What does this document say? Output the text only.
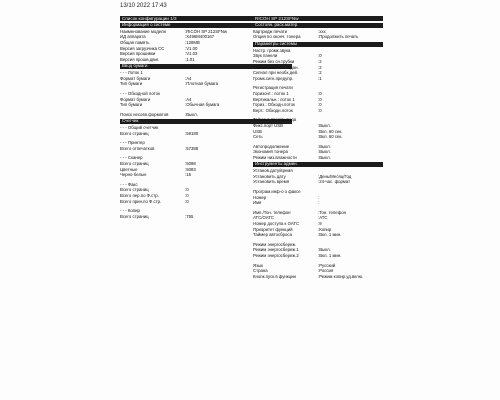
13/10 2022 17:43
Список конфигурации 1/3
Информация о системе
Наименование модели	:RICOH SP 212SFNw
ИД аппарата	:X496M400167
Общая память	:128MB
Версия загрузчика СС	:V1.00
Версия прошивки	:V1.03
Версия прошв.двиг.	:1.01
Ввод бумаги
- - - Лоток 1
Формат бумаги	:A4
Тип бумаги	:Плотная бумага
- - - Обходной лоток
Формат бумаги	:A4
Тип бумаги	:Обычная бумага
Поиск несовп.форматов	:Выкл.
Счетчик
- - - Общий счетчик
Всего страниц	:59180
- - - Принтер
Всего отпечатков	:57388
- - - Сканер
Всего страниц	:5098
Цветные	:5083
Черно-белые	:15
- - - Факс
Всего страниц	:0
Всего пер.по Ф.стр.	:0
Всего прин.по Ф.стр.	:0
- - - Копир
Всего страниц	:755
RICOH SP 212SFNw
Состоян. расх.матер.
Картридж печати	:xxx
Опция по оконч. тонера	:Продолжить печать
Параметры системы
Настр. громк.звука
Звук панели	:0
Режим без сн.трубки	:2
Сигнал окончан.задан.	:2
Сигнал при необх.дей.	:2
Громк.сигн.предупр.	:1
Регистрация печати
Горизонт.: лоток 1	:0
Вертикальн.: лоток 1	:0
Гориз.: Обходн.лоток	:0
Верт.: Обходн.лоток	:0
Таймаут ввод/вывода
Фикс.порт USB	:Выкл.
USB	:Вкл. 60 сек.
Сеть	:Вкл. 60 сек.
Автопродолжение	:Выкл.
Экономия тонера	:Выкл.
Режим низ.влажности	:Выкл.
Инструменты админ.
Установ.дату/время
Установить дату	:День/Месяц/Год
Установить время	:24-час. формат
Програм.инф-о о факсе
Номер	:
Имя	:
Имп./Тон. телефон	:Тон. телефон
АТС/ОАТС	:АТС
Номер доступа к ОАТС	:9
Приоритет функций	:Копир
Таймер автосброса	:Вкл. 1 мин.
Режим энергосбереж.
Режим энергосбереж.1	:Выкл.
Режим энергосбереж.2	:Вкл. 1 мин.
Язык	:Русский
Страна	:Россия
Кнопк.пуск.в функции	:Режим копир.уд.вклю.
